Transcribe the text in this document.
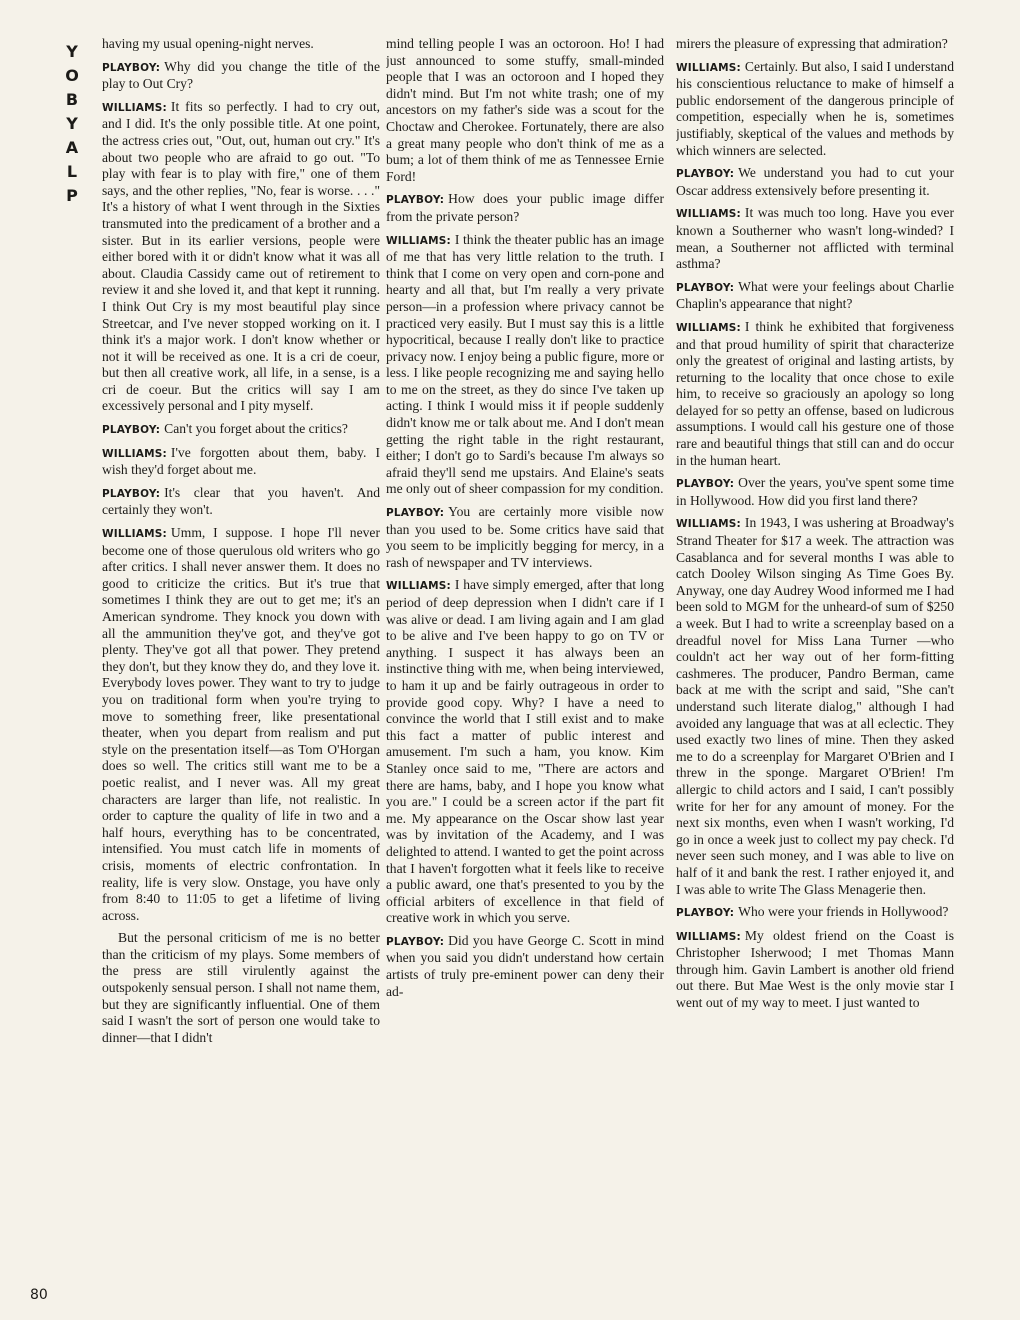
Y
O
B
Y
A
L
P

having my usual opening-night nerves.

PLAYBOY: Why did you change the title of the play to Out Cry?

WILLIAMS: It fits so perfectly. I had to cry out, and I did. It's the only possible title. At one point, the actress cries out, "Out, out, human out cry." It's about two people who are afraid to go out. "To play with fear is to play with fire," one of them says, and the other replies, "No, fear is worse. . . ." It's a history of what I went through in the Sixties transmuted into the predicament of a brother and a sister. But in its earlier versions, people were either bored with it or didn't know what it was all about. Claudia Cassidy came out of retirement to review it and she loved it, and that kept it running. I think Out Cry is my most beautiful play since Streetcar, and I've never stopped working on it. I think it's a major work. I don't know whether or not it will be received as one. It is a cri de coeur, but then all creative work, all life, in a sense, is a cri de coeur. But the critics will say I am excessively personal and I pity myself.

PLAYBOY: Can't you forget about the critics?

WILLIAMS: I've forgotten about them, baby. I wish they'd forget about me.

PLAYBOY: It's clear that you haven't. And certainly they won't.

WILLIAMS: Umm, I suppose. I hope I'll never become one of those querulous old writers who go after critics. I shall never answer them. It does no good to criticize the critics. But it's true that sometimes I think they are out to get me; it's an American syndrome. They knock you down with all the ammunition they've got, and they've got plenty. They've got all that power. They pretend they don't, but they know they do, and they love it. Everybody loves power. They want to try to judge you on traditional form when you're trying to move to something freer, like presentational theater, when you depart from realism and put style on the presentation itself—as Tom O'Horgan does so well. The critics still want me to be a poetic realist, and I never was. All my great characters are larger than life, not realistic. In order to capture the quality of life in two and a half hours, everything has to be concentrated, intensified. You must catch life in moments of crisis, moments of electric confrontation. In reality, life is very slow. Onstage, you have only from 8:40 to 11:05 to get a lifetime of living across.

But the personal criticism of me is no better than the criticism of my plays. Some members of the press are still virulently against the outspokenly sensual person. I shall not name them, but they are significantly influential. One of them said I wasn't the sort of person one would take to dinner—that I didn't

mind telling people I was an octoroon. Ho! I had just announced to some stuffy, small-minded people that I was an octoroon and I hoped they didn't mind. But I'm not white trash; one of my ancestors on my father's side was a scout for the Choctaw and Cherokee. Fortunately, there are also a great many people who don't think of me as a bum; a lot of them think of me as Tennessee Ernie Ford!

PLAYBOY: How does your public image differ from the private person?

WILLIAMS: I think the theater public has an image of me that has very little relation to the truth. I think that I come on very open and corn-pone and hearty and all that, but I'm really a very private person—in a profession where privacy cannot be practiced very easily. But I must say this is a little hypocritical, because I really don't like to practice privacy now. I enjoy being a public figure, more or less. I like people recognizing me and saying hello to me on the street, as they do since I've taken up acting. I think I would miss it if people suddenly didn't know me or talk about me. And I don't mean getting the right table in the right restaurant, either; I don't go to Sardi's because I'm always so afraid they'll send me upstairs. And Elaine's seats me only out of sheer compassion for my condition.

PLAYBOY: You are certainly more visible now than you used to be. Some critics have said that you seem to be implicitly begging for mercy, in a rash of newspaper and TV interviews.

WILLIAMS: I have simply emerged, after that long period of deep depression when I didn't care if I was alive or dead. I am living again and I am glad to be alive and I've been happy to go on TV or anything. I suspect it has always been an instinctive thing with me, when being interviewed, to ham it up and be fairly outrageous in order to provide good copy. Why? I have a need to convince the world that I still exist and to make this fact a matter of public interest and amusement. I'm such a ham, you know. Kim Stanley once said to me, "There are actors and there are hams, baby, and I hope you know what you are." I could be a screen actor if the part fit me. My appearance on the Oscar show last year was by invitation of the Academy, and I was delighted to attend. I wanted to get the point across that I haven't forgotten what it feels like to receive a public award, one that's presented to you by the official arbiters of excellence in that field of creative work in which you serve.

PLAYBOY: Did you have George C. Scott in mind when you said you didn't understand how certain artists of truly pre-eminent power can deny their ad-

mirers the pleasure of expressing that admiration?

WILLIAMS: Certainly. But also, I said I understand his conscientious reluctance to make of himself a public endorsement of the dangerous principle of competition, especially when he is, sometimes justifiably, skeptical of the values and methods by which winners are selected.

PLAYBOY: We understand you had to cut your Oscar address extensively before presenting it.

WILLIAMS: It was much too long. Have you ever known a Southerner who wasn't long-winded? I mean, a Southerner not afflicted with terminal asthma?

PLAYBOY: What were your feelings about Charlie Chaplin's appearance that night?

WILLIAMS: I think he exhibited that forgiveness and that proud humility of spirit that characterize only the greatest of original and lasting artists, by returning to the locality that once chose to exile him, to receive so graciously an apology so long delayed for so petty an offense, based on ludicrous assumptions. I would call his gesture one of those rare and beautiful things that still can and do occur in the human heart.

PLAYBOY: Over the years, you've spent some time in Hollywood. How did you first land there?

WILLIAMS: In 1943, I was ushering at Broadway's Strand Theater for $17 a week. The attraction was Casablanca and for several months I was able to catch Dooley Wilson singing As Time Goes By. Anyway, one day Audrey Wood informed me I had been sold to MGM for the unheard-of sum of $250 a week. But I had to write a screenplay based on a dreadful novel for Miss Lana Turner —who couldn't act her way out of her form-fitting cashmeres. The producer, Pandro Berman, came back at me with the script and said, "She can't understand such literate dialog," although I had avoided any language that was at all eclectic. They used exactly two lines of mine. Then they asked me to do a screenplay for Margaret O'Brien and I threw in the sponge. Margaret O'Brien! I'm allergic to child actors and I said, I can't possibly write for her for any amount of money. For the next six months, even when I wasn't working, I'd go in once a week just to collect my pay check. I'd never seen such money, and I was able to live on half of it and bank the rest. I rather enjoyed it, and I was able to write The Glass Menagerie then.

PLAYBOY: Who were your friends in Hollywood?

WILLIAMS: My oldest friend on the Coast is Christopher Isherwood; I met Thomas Mann through him. Gavin Lambert is another old friend out there. But Mae West is the only movie star I went out of my way to meet. I just wanted to

80
